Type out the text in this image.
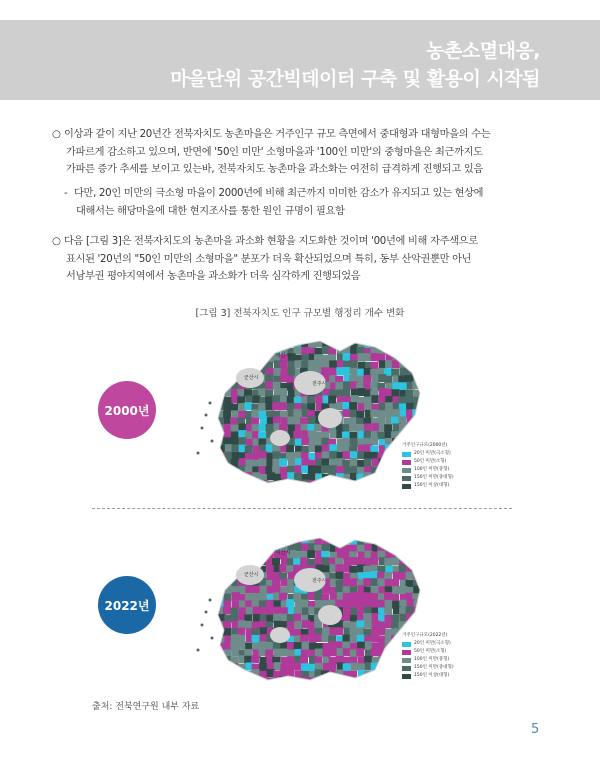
농촌소멸대응,
마을단위 공간빅데이터 구축 및 활용이 시작됨
○ 이상과 같이 지난 20년간 전북자치도 농촌마을은 거주인구 규모 측면에서 중대형과 대형마을의 수는
가파르게 감소하고 있으며, 반면에 '50인 미만' 소형마을과 '100인 미만'의 중형마을은 최근까지도
가파른 증가 추세를 보이고 있는바, 전북자치도 농촌마을 과소화는 여전히 급격하게 진행되고 있음
- 다만, 20인 미만의 극소형 마을이 2000년에 비해 최근까지 미미한 감소가 유지되고 있는 현상에
대해서는 해당마을에 대한 현지조사를 통한 원인 규명이 필요함
○ 다음 [그림 3]은 전북자치도의 농촌마을 과소화 현황을 지도화한 것이며 '00년에 비해 자주색으로
표시된 '20년의 "50인 미만의 소형마을" 분포가 더욱 확산되었으며 특히, 동부 산악권뿐만 아닌
서남부권 평야지역에서 농촌마을 과소화가 더욱 심각하게 진행되었음
[그림 3] 전북자치도 인구 규모별 행정리 개수 변화
2000년
전주시
익산시
군산시
거주인구규모(2000년)
20인 미만(극소형)
50인 미만(소형)
100인 미만(중형)
150인 미만(중대형)
150인 이상(대형)
2022년
전주시
익산시
군산시
거주인구규모(2022년)
20인 미만(극소형)
50인 미만(소형)
100인 미만(중형)
150인 미만(중대형)
150인 이상(대형)
출처: 전북연구원 내부 자료
5
